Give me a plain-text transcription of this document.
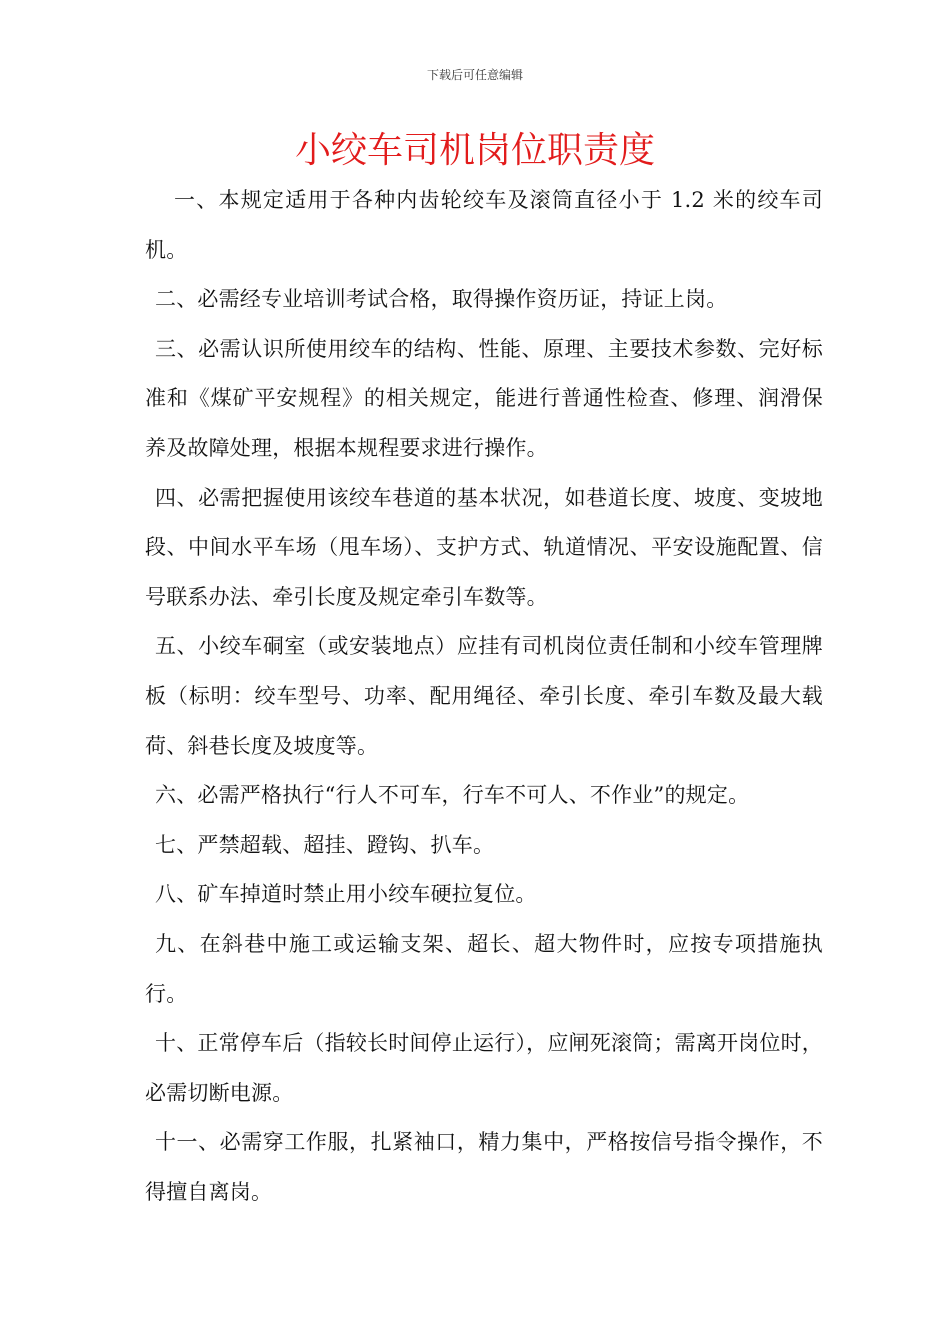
下载后可任意编辑
小绞车司机岗位职责度

一、本规定适用于各种内齿轮绞车及滚筒直径小于 1.2 米的绞车司机。

二、必需经专业培训考试合格，取得操作资历证，持证上岗。

三、必需认识所使用绞车的结构、性能、原理、主要技术参数、完好标准和《煤矿平安规程》的相关规定，能进行普通性检查、修理、润滑保养及故障处理，根据本规程要求进行操作。

四、必需把握使用该绞车巷道的基本状况，如巷道长度、坡度、变坡地段、中间水平车场（甩车场）、支护方式、轨道情况、平安设施配置、信号联系办法、牵引长度及规定牵引车数等。

五、小绞车硐室（或安装地点）应挂有司机岗位责任制和小绞车管理牌板（标明：绞车型号、功率、配用绳径、牵引长度、牵引车数及最大载荷、斜巷长度及坡度等。

六、必需严格执行“行人不可车，行车不可人、不作业”的规定。

七、严禁超载、超挂、蹬钩、扒车。

八、矿车掉道时禁止用小绞车硬拉复位。

九、在斜巷中施工或运输支架、超长、超大物件时，应按专项措施执行。

十、正常停车后（指较长时间停止运行），应闸死滚筒；需离开岗位时，必需切断电源。

十一、必需穿工作服，扎紧袖口，精力集中，严格按信号指令操作，不得擅自离岗。
